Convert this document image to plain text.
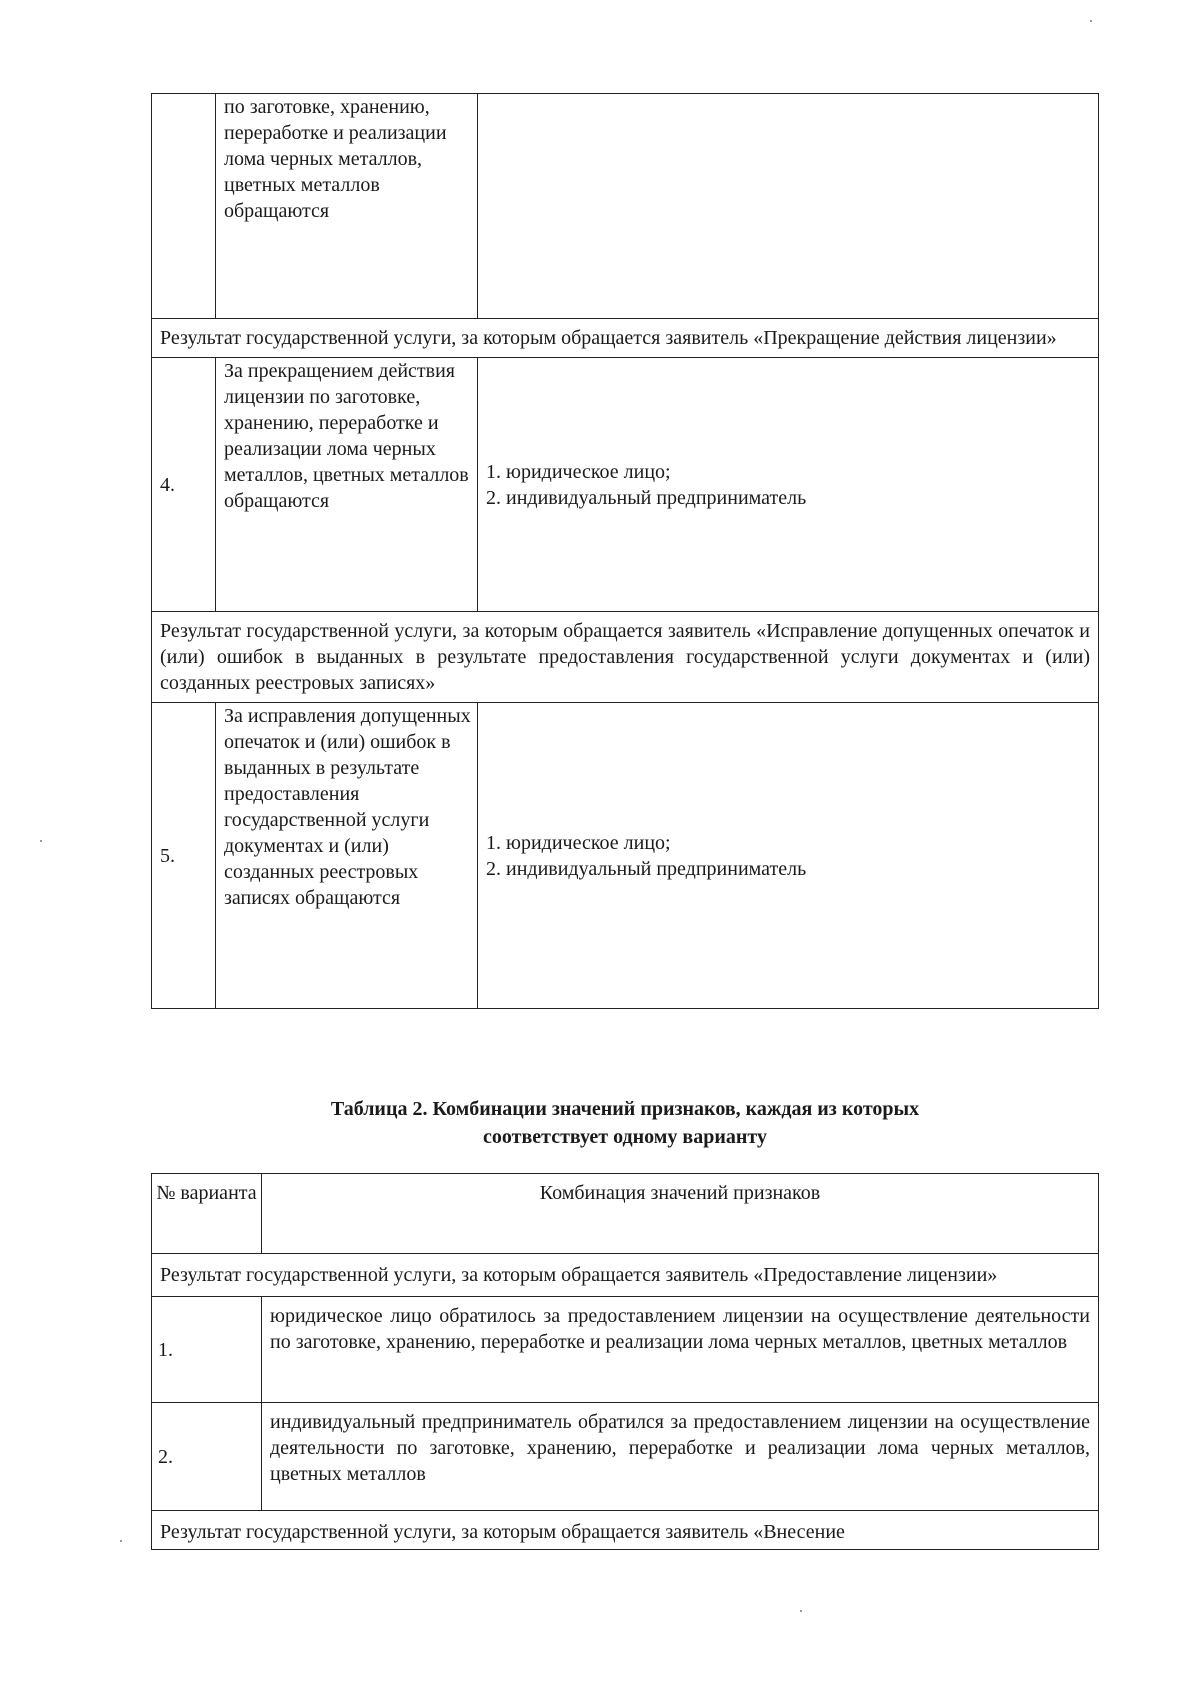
	по заготовке, хранению, переработке и реализации лома черных металлов, цветных металлов обращаются	
Результат государственной услуги, за которым обращается заявитель «Прекращение действия лицензии»		
4.	За прекращением действия лицензии по заготовке, хранению, переработке и реализации лома черных металлов, цветных металлов обращаются	1. юридическое лицо;
2. индивидуальный предприниматель

Результат государственной услуги, за которым обращается заявитель «Исправление допущенных опечаток и (или) ошибок в выданных в результате предоставления государственной услуги документах и (или) созданных реестровых записях»		
5.	За исправления допущенных опечаток и (или) ошибок в выданных в результате предоставления государственной услуги документах и (или) созданных реестровых записях обращаются	1. юридическое лицо;
2. индивидуальный предприниматель
Таблица 2. Комбинации значений признаков, каждая из которых
соответствует одному варианту
№ варианта	Комбинация значений признаков
Результат государственной услуги, за которым обращается заявитель «Предоставление лицензии»	
1.	юридическое лицо обратилось за предоставлением лицензии на осуществление деятельности по заготовке, хранению, переработке и реализации лома черных металлов, цветных металлов
2.	индивидуальный предприниматель обратился за предоставлением лицензии на осуществление деятельности по заготовке, хранению, переработке и реализации лома черных металлов, цветных металлов
Результат государственной услуги, за которым обращается заявитель «Внесение	
